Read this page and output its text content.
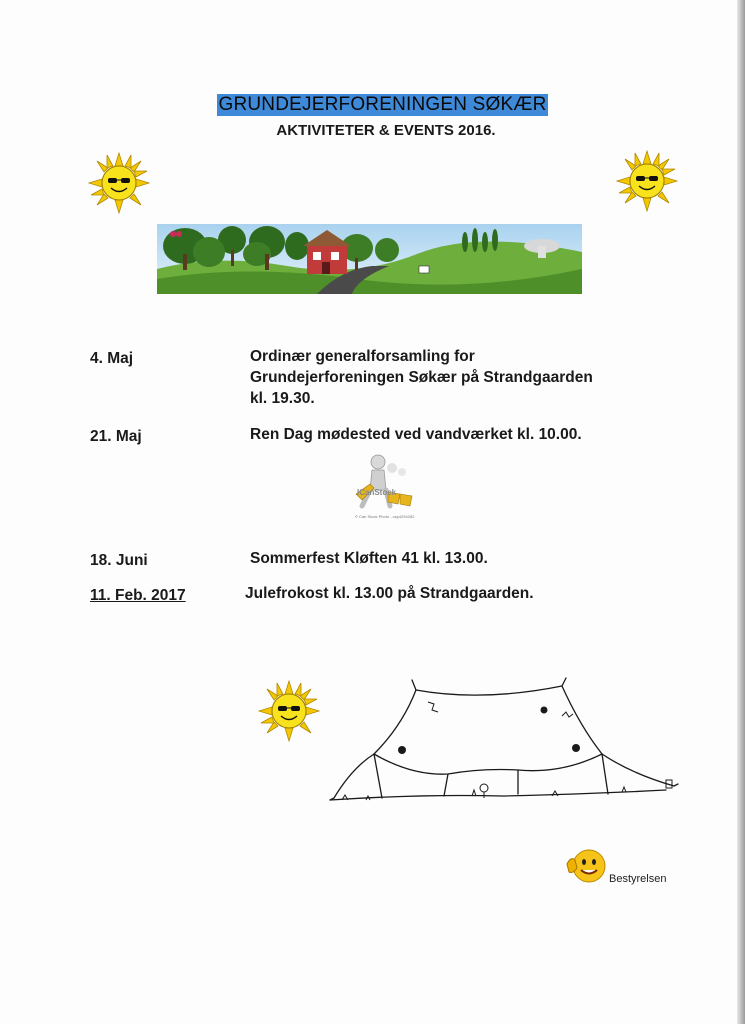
GRUNDEJERFORENINGEN SØKÆR
AKTIVITETER & EVENTS 2016.
4. Maj	Ordinær generalforsamling for
Grundejerforeningen Søkær på Strandgaarden
kl. 19.30.
21. Maj	Ren Dag mødested ved vandværket kl. 10.00.
ICanStock
© Can Stock Photo - csp4294282
18. Juni	Sommerfest Kløften 41 kl. 13.00.
11. Feb. 2017	Julefrokost kl. 13.00 på Strandgaarden.
Bestyrelsen
